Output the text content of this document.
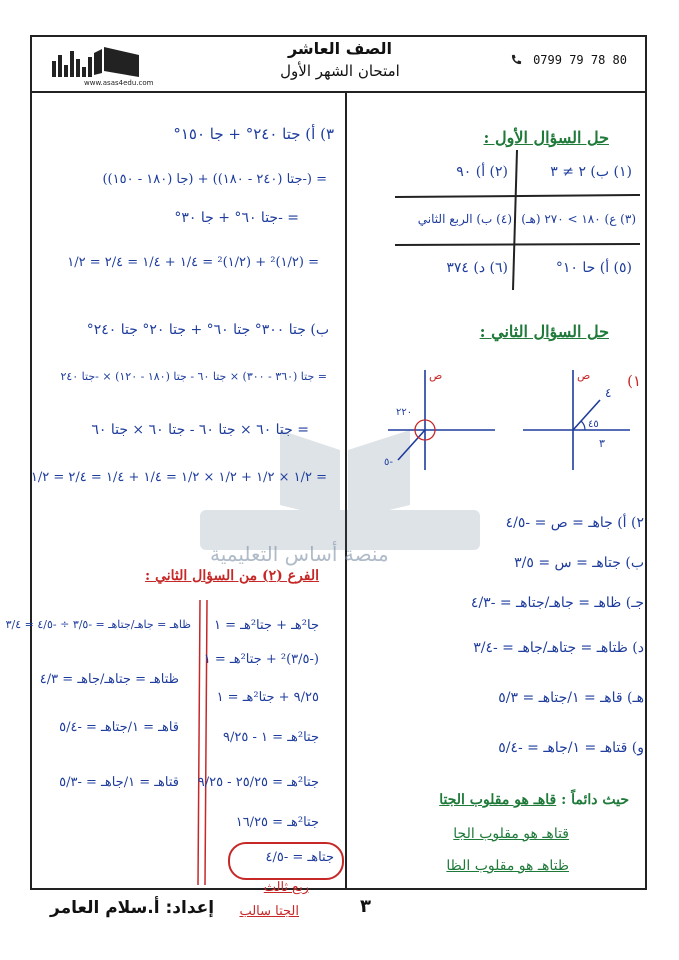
www.asas4edu.com
الصف العاشر
امتحان الشهر الأول
0799 79 78 80
منصة أساس التعليمية
حل السؤال الأول :
(١) ب) ٢ ≠ ٣
(٢) أ) ٩٠
(٣) ع) ١٨٠ > ٢٧٠ (هـ)
(٤) ب) الربع الثاني
(٥) أ) حا ١٠°
(٦) د) ٣٧٤
حل السؤال الثاني :
١)
٤
٤٥
٣
ص
٢٢٠
٥-
ص
٢) أ) جاهـ = ص = -٤/٥
ب) جتاهـ = س = ٣/٥
جـ) ظاهـ = جاهـ/جتاهـ = -٤/٣
د) ظتاهـ = جتاهـ/جاهـ = -٣/٤
هـ) قاهـ = ١/جتاهـ = ٥/٣
و) قتاهـ = ١/جاهـ = -٥/٤
حيث دائماً : قاهـ هو مقلوب الجتا
قتاهـ هو مقلوب الجا
ظتاهـ هو مقلوب الظا
٣) أ) جتا ٢٤٠° + جا ١٥٠°
= (-جتا (٢٤٠ - ١٨٠)) + (جا (١٨٠ - ١٥٠))
= -جتا ٦٠° + جا ٣٠°
= (١/٢)² + (١/٢)² = ١/٤ + ١/٤ = ٢/٤ = ١/٢
ب) جتا ٣٠٠° جتا ٦٠° + جتا ٢٠° جتا ٢٤٠°
= جتا (٣٦٠ - ٣٠٠) × جتا ٦٠ - جتا (١٨٠ - ١٢٠) × -جتا ٢٤٠
= جتا ٦٠ × جتا ٦٠ - جتا ٦٠ × جتا ٦٠
= ١/٢ × ١/٢ + ١/٢ × ١/٢ = ١/٤ + ١/٤ = ٢/٤ = ١/٢
الفرع (٢) من السؤال الثاني :
جا²هـ + جتا²هـ = ١
(-٣/٥)² + جتا²هـ = ١
٩/٢٥ + جتا²هـ = ١
جتا²هـ = ١ - ٩/٢٥
جتا²هـ = ٢٥/٢٥ - ٩/٢٥
جتا²هـ = ١٦/٢٥
جتاهـ = -٤/٥
ظاهـ = جاهـ/جتاهـ = -٣/٥ ÷ -٤/٥ = ٣/٤
ظتاهـ = جتاهـ/جاهـ = ٤/٣
قاهـ = ١/جتاهـ = -٥/٤
قتاهـ = ١/جاهـ = -٥/٣
ربع ثالث
الجتا سالب
إعداد: أ.سلام العامر	٣
